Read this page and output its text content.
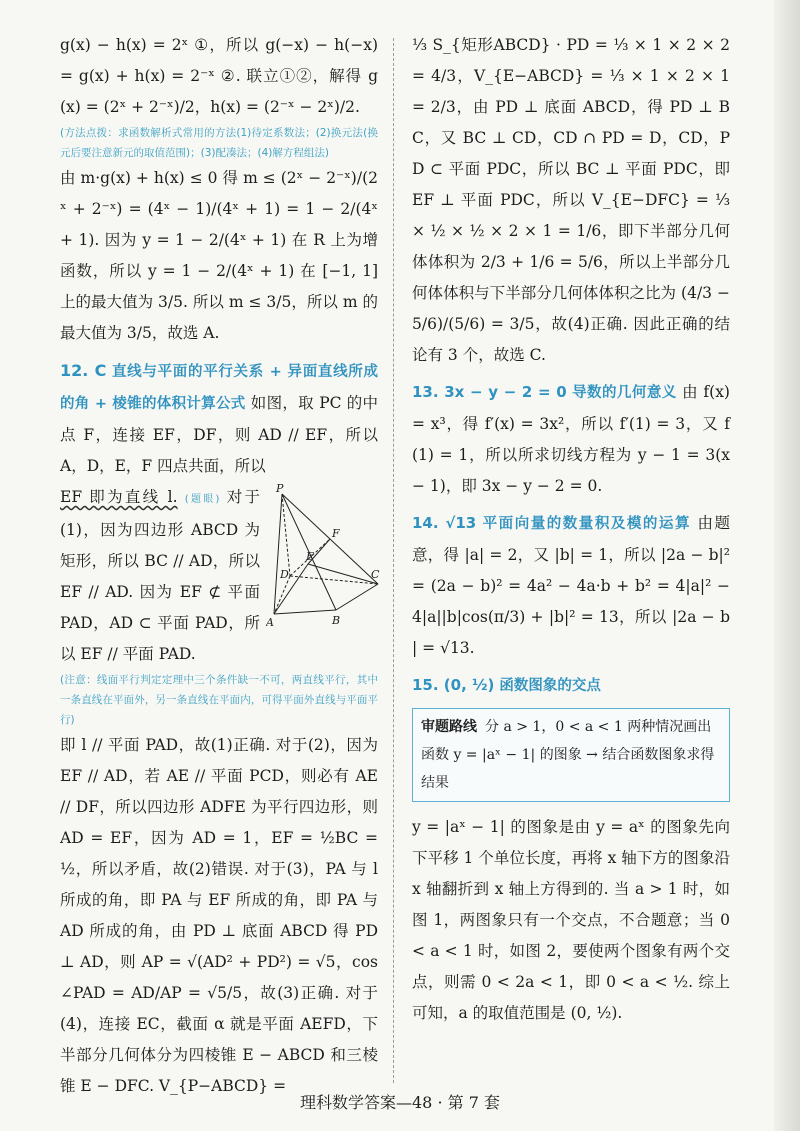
g(x) − h(x) = 2ˣ ①，所以 g(−x) − h(−x) = g(x) + h(x) = 2⁻ˣ ②. 联立①②，解得 g(x) = (2ˣ + 2⁻ˣ)/2，h(x) = (2⁻ˣ − 2ˣ)/2.

(方法点拨：求函数解析式常用的方法(1)待定系数法；(2)换元法(换元后要注意新元的取值范围)；(3)配凑法；(4)解方程组法)

由 m·g(x) + h(x) ≤ 0 得 m ≤ (2ˣ − 2⁻ˣ)/(2ˣ + 2⁻ˣ) = (4ˣ − 1)/(4ˣ + 1) = 1 − 2/(4ˣ + 1). 因为 y = 1 − 2/(4ˣ + 1) 在 R 上为增函数，所以 y = 1 − 2/(4ˣ + 1) 在 [−1, 1] 上的最大值为 3/5. 所以 m ≤ 3/5，所以 m 的最大值为 3/5，故选 A.

12. C 直线与平面的平行关系 + 异面直线所成的角 + 棱锥的体积计算公式 如图，取 PC 的中点 F，连接 EF，DF，则 AD // EF，所以 A，D，E，F 四点共面，所以

P
F
E
D	C
A	B

EF 即为直线 l. (题眼) 对于(1)，因为四边形 ABCD 为矩形，所以 BC // AD，所以 EF // AD. 因为 EF ⊄ 平面 PAD，AD ⊂ 平面 PAD，所以 EF // 平面 PAD.

(注意：线面平行判定定理中三个条件缺一不可，两直线平行，其中一条直线在平面外，另一条直线在平面内，可得平面外直线与平面平行)

即 l // 平面 PAD，故(1)正确. 对于(2)，因为 EF // AD，若 AE // 平面 PCD，则必有 AE // DF，所以四边形 ADFE 为平行四边形，则 AD = EF，因为 AD = 1，EF = ½BC = ½，所以矛盾，故(2)错误. 对于(3)，PA 与 l 所成的角，即 PA 与 EF 所成的角，即 PA 与 AD 所成的角，由 PD ⊥ 底面 ABCD 得 PD ⊥ AD，则 AP = √(AD² + PD²) = √5，cos∠PAD = AD/AP = √5/5，故(3)正确. 对于(4)，连接 EC，截面 α 就是平面 AEFD，下半部分几何体分为四棱锥 E − ABCD 和三棱锥 E − DFC. V_{P−ABCD} =

⅓ S_{矩形ABCD} · PD = ⅓ × 1 × 2 × 2 = 4/3，V_{E−ABCD} = ⅓ × 1 × 2 × 1 = 2/3，由 PD ⊥ 底面 ABCD，得 PD ⊥ BC，又 BC ⊥ CD，CD ∩ PD = D，CD，PD ⊂ 平面 PDC，所以 BC ⊥ 平面 PDC，即 EF ⊥ 平面 PDC，所以 V_{E−DFC} = ⅓ × ½ × ½ × 2 × 1 = 1/6，即下半部分几何体体积为 2/3 + 1/6 = 5/6，所以上半部分几何体体积与下半部分几何体体积之比为 (4/3 − 5/6)/(5/6) = 3/5，故(4)正确. 因此正确的结论有 3 个，故选 C.

13. 3x − y − 2 = 0 导数的几何意义 由 f(x) = x³，得 f′(x) = 3x²，所以 f′(1) = 3，又 f(1) = 1，所以所求切线方程为 y − 1 = 3(x − 1)，即 3x − y − 2 = 0.

14. √13 平面向量的数量积及模的运算 由题意，得 |a| = 2，又 |b| = 1，所以 |2a − b|² = (2a − b)² = 4a² − 4a·b + b² = 4|a|² − 4|a||b|cos(π/3) + |b|² = 13，所以 |2a − b| = √13.

15. (0, ½) 函数图象的交点

审题路线 分 a > 1，0 < a < 1 两种情况画出函数 y = |aˣ − 1| 的图象 → 结合函数图象求得结果

y = |aˣ − 1| 的图象是由 y = aˣ 的图象先向下平移 1 个单位长度，再将 x 轴下方的图象沿 x 轴翻折到 x 轴上方得到的. 当 a > 1 时，如图 1，两图象只有一个交点，不合题意；当 0 < a < 1 时，如图 2，要使两个图象有两个交点，则需 0 < 2a < 1，即 0 < a < ½. 综上可知，a 的取值范围是 (0, ½).

理科数学答案—48 · 第 7 套
